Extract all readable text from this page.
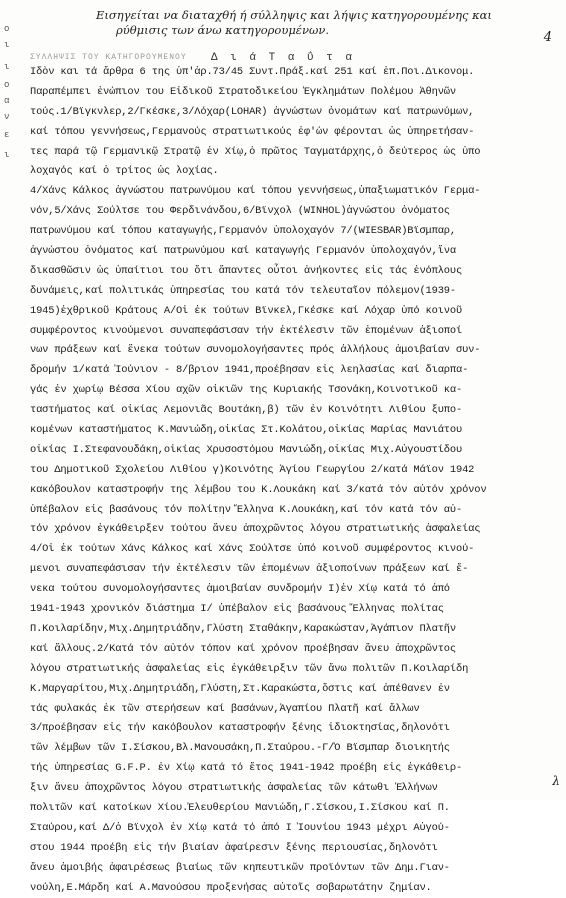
Εισηγείται να διαταχθή ή σύλληψις και λήψις κατηγορουμένης και
ρύθμισις των άνω κατηγορουμένων.	4
ο
ι
ι
ο
α
ν
ε
ι
ΣΥΛΛΗΨΙΣ ΤΟΥ ΚΑΤΗΓΟΡΟΥΜΕΝΟΥ	Δ ι ά Τ α ΰ τ α
Ἰδὸν και τά ἄρθρα 6 της ὑπ'ἀρ.73/45 Συντ.Πράξ.καί 251 καί ἑπ.Ποι.Δικονομ.
Παραπέμπει ἐνώπιον του Εἰδικοῦ Στρατοδικείου Ἐγκλημάτων Πολέμου Ἀθηνῶν
τούς.1/Βϊγκνλερ,2/Γκέσκε,3/Λόχαρ(LOHAR) ἀγνώστων ὀνομάτων καί πατρωνύμων,
καί τόπου γεννήσεως,Γερμανούς στρατιωτικούς ἐφ'ών φέρονται ὡς ὑπηρετήσαν-
τες παρά τῷ Γερμανικῷ Στρατῷ ἐν Χίῳ,ὁ πρῶτος Ταγματάρχης,ὁ δεύτερος ὡς ὑπο
λοχαγός καί ὁ τρίτος ὡς λοχίας.
4/Χάνς Κάλκος ἀγνώστου πατρωνύμου καί τόπου γεννήσεως,ὑπαξιωματικόν Γερμα-
νόν,5/Χάνς Σούλτσε του Φερδινάνδου,6/Βϊνχολ (WINHOL)ἀγνώστου ὀνόματος
πατρωνύμου καί τόπου καταγωγής,Γερμανόν ὑπολοχαγόν 7/(WIESBAR)Βϊσμπαρ,
ἀγνώστου ὀνόματος καί πατρωνύμου καί καταγωγής Γερμανόν ὑπολοχαγόν,ἵνα
δικασθῶσιν ὡς ὑπαίτιοι του ὅτι ἅπαντες οὗτοι ἀνήκοντες εἰς τάς ἐνόπλους
δυνάμεις,καί πολιτικάς ὑπηρεσίας του κατά τόν τελευταῖον πόλεμον(1939-
1945)ἐχθρικοῦ Κράτους Α/Οἱ ἐκ τούτων Βϊνκελ,Γκέσκε καί Λόχαρ ὑπό κοινοῦ
συμφέροντος κινούμενοι συναπεφάσισαν τήν ἐκτέλεσιν τῶν ἑπομένων ἀξιοποί
νων πράξεων καί ἕνεκα τούτων συνομολογήσαντες πρός ἀλλήλους ἀμοιβαίαν συν-
δρομήν 1/κατά Ἰούνιον - 8/βριον 1941,προέβησαν εἰς λεηλασίας καί διαρπα-
γάς ἐν χωρίῳ Βέσσα Χίου αχῶν οἰκιῶν της Κυριακής Τσονάκη,Κοινοτικοῦ κα-
ταστήματος καί οἰκίας Λεμονιᾶς Βουτάκη,β) τῶν ἐν Κοινότητι Λιθίου ξυπο-
κομένων καταστήματος Κ.Μανιώδη,οἰκίας Στ.Κολάτου,οἰκίας Μαρίας Μανιάτου
οἰκίας Ι.Στεφανουδάκη,οἰκίας Χρυσοστόμου Μανιώδη,οἰκίας Μιχ.Αὐγουστίδου
του Δημοτικοῦ Σχολείου Λιθίου γ)Κοινότης Ἁγίου Γεωργίου 2/κατά Μάϊον 1942
κακόβουλον καταστροφήν της λέμβου του Κ.Λουκάκη καί 3/κατά τόν αὐτόν χρόνον
ὑπέβαλον εἰς βασάνους τόν πολίτην Ἕλληνα Κ.Λουκάκη,καί τόν κατά τόν αὐ-
τόν χρόνον ἐγκάθειρξεν τούτου ἄνευ ἀποχρῶντος λόγου στρατιωτικής ἀσφαλείας
4/Οἱ ἐκ τούτων Χάνς Κάλκος καί Χάνς Σούλτσε ὑπό κοινοῦ συμφέροντος κινού-
μενοι συναπεφάσισαν τήν ἐκτέλεσιν τῶν ἑπομένων ἀξιοποίνων πράξεων καί ἕ-
νεκα τούτου συνομολογήσαντες ἀμοιβαίαν συνδρομήν Ι)ἐν Χίῳ κατά τό ἀπό
1941-1943 χρονικόν διάστημα Ι/ ὑπέβαλον εἰς βασάνους Ἕλληνας πολίτας
Π.Κοιλαρίδην,Μιχ.Δημητριάδην,Γλύστη Σταθάκην,Καρακώσταν,Ἀγάπιον Πλατῆν
καί ἄλλους.2/Κατά τόν αὐτόν τόπον καί χρόνον προέβησαν ἄνευ ἀποχρῶντος
λόγου στρατιωτικής ἀσφαλείας εἰς ἐγκάθειρξιν τῶν ἄνω πολιτῶν Π.Κοιλαρίδη
Κ.Μαργαρίτου,Μιχ.Δημητριάδη,Γλύστη,Στ.Καρακώστα,ὅστις καί ἀπέθανεν ἐν
τάς φυλακάς ἐκ τῶν στερήσεων καί βασάνων,Ἀγαπίου Πλατῆ καί ἄλλων
3/προέβησαν εἰς τήν κακόβουλον καταστροφήν ξένης ἰδιοκτησίας,δηλονότι
τῶν λέμβων τῶν Ι.Σίσκου,Βλ.Μανουσάκη,Π.Σταύρου.-Γ/Ὁ Βϊσμπαρ διοικητής
τής ὑπηρεσίας G.F.P. ἐν Χίῳ κατά τό ἔτος 1941-1942 προέβη εἰς ἐγκάθειρ-
ξιν ἄνευ ἀποχρῶντος λόγου στρατιωτικής ἀσφαλείας τῶν κάτωθι Ἑλλήνων
πολιτῶν καί κατοίκων Χίου.Ἐλευθερίου Μανιώδη,Γ.Σίσκου,Ι.Σίσκου καί Π.
Σταύρου,καί Δ/ὁ Βϊνχολ ἐν Χίῳ κατά τό ἀπό Ι Ἰουνίου 1943 μέχρι Αὐγού-
στου 1944 προέβη εἰς τήν βιαίαν ἀφαίρεσιν ξένης περιουσίας,δηλονότι
ἄνευ ἀμοιβής ἀφαιρέσεως βιαίως τῶν κηπευτικῶν προϊόντων τῶν Δημ.Γιαν-
νούλη,Ε.Μάρδη καί Α.Μανούσου προξενήσας αὐτοῖς σοβαρωτάτην ζημίαν.
λ
